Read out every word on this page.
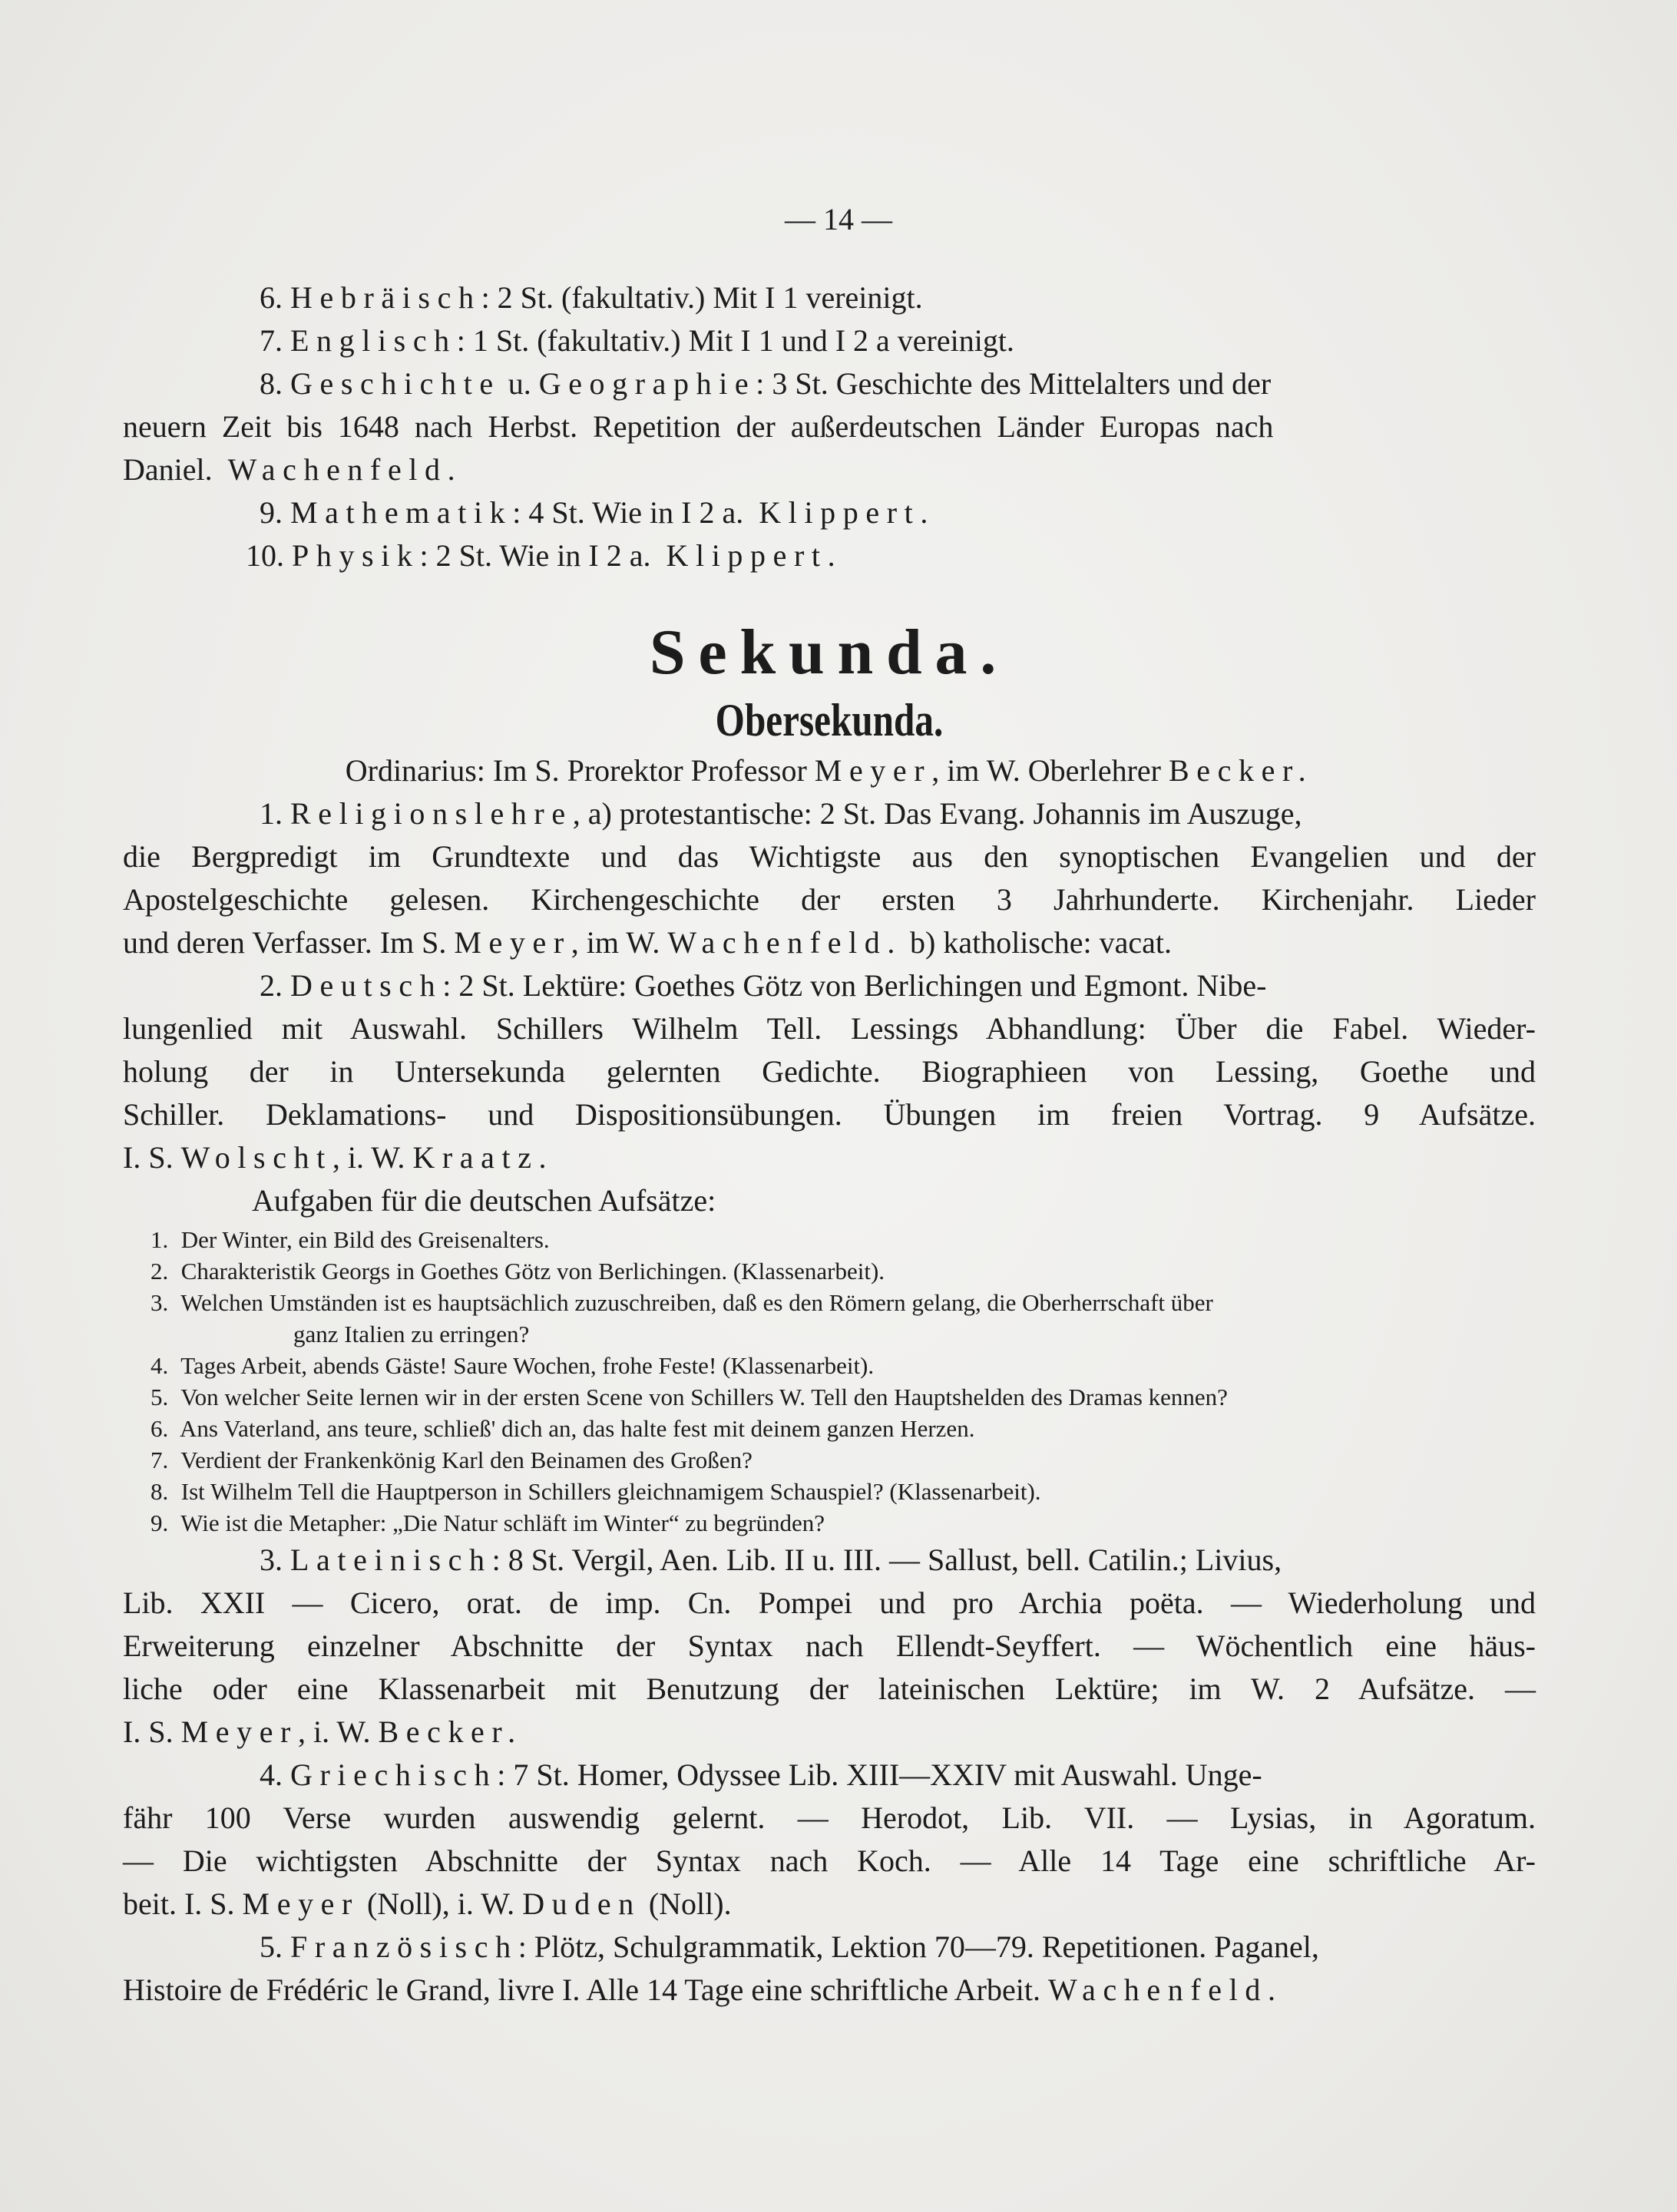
— 14 —
6. Hebräisch: 2 St. (fakultativ.) Mit I 1 vereinigt.
7. Englisch: 1 St. (fakultativ.) Mit I 1 und I 2 a vereinigt.
8. Geschichte u. Geographie: 3 St. Geschichte des Mittelalters und der
neuern  Zeit  bis  1648  nach  Herbst.  Repetition  der  außerdeutschen  Länder  Europas  nach
Daniel. Wachenfeld.
9. Mathematik: 4 St. Wie in I 2 a. Klippert.
10. Physik: 2 St. Wie in I 2 a. Klippert.
Sekunda.
Obersekunda.
Ordinarius: Im S. Prorektor Professor Meyer, im W. Oberlehrer Becker.
1. Religionslehre, a) protestantische: 2 St. Das Evang. Johannis im Auszuge,
die Bergpredigt im Grundtexte und das Wichtigste aus den synoptischen Evangelien und der
Apostelgeschichte gelesen. Kirchengeschichte der ersten 3 Jahrhunderte. Kirchenjahr. Lieder
und deren Verfasser. Im S. Meyer, im W. Wachenfeld. b) katholische: vacat.
2. Deutsch: 2 St. Lektüre: Goethes Götz von Berlichingen und Egmont. Nibe-
lungenlied mit Auswahl. Schillers Wilhelm Tell. Lessings Abhandlung: Über die Fabel. Wieder-
holung der in Untersekunda gelernten Gedichte. Biographieen von Lessing, Goethe und
Schiller. Deklamations- und Dispositionsübungen. Übungen im freien Vortrag. 9 Aufsätze.
I. S. Wolscht, i. W. Kraatz.
Aufgaben für die deutschen Aufsätze:
1. Der Winter, ein Bild des Greisenalters.
2. Charakteristik Georgs in Goethes Götz von Berlichingen. (Klassenarbeit).
3. Welchen Umständen ist es hauptsächlich zuzuschreiben, daß es den Römern gelang, die Oberherrschaft über
ganz Italien zu erringen?
4. Tages Arbeit, abends Gäste! Saure Wochen, frohe Feste! (Klassenarbeit).
5. Von welcher Seite lernen wir in der ersten Scene von Schillers W. Tell den Hauptshelden des Dramas kennen?
6. Ans Vaterland, ans teure, schließ' dich an, das halte fest mit deinem ganzen Herzen.
7. Verdient der Frankenkönig Karl den Beinamen des Großen?
8. Ist Wilhelm Tell die Hauptperson in Schillers gleichnamigem Schauspiel? (Klassenarbeit).
9. Wie ist die Metapher: „Die Natur schläft im Winter“ zu begründen?
3. Lateinisch: 8 St. Vergil, Aen. Lib. II u. III. — Sallust, bell. Catilin.; Livius,
Lib. XXII — Cicero, orat. de imp. Cn. Pompei und pro Archia poëta. — Wiederholung und
Erweiterung einzelner Abschnitte der Syntax nach Ellendt-Seyffert. — Wöchentlich eine häus-
liche oder eine Klassenarbeit mit Benutzung der lateinischen Lektüre; im W. 2 Aufsätze. —
I. S. Meyer, i. W. Becker.
4. Griechisch: 7 St. Homer, Odyssee Lib. XIII—XXIV mit Auswahl. Unge-
fähr 100 Verse wurden auswendig gelernt. — Herodot, Lib. VII. — Lysias, in Agoratum.
— Die wichtigsten Abschnitte der Syntax nach Koch. — Alle 14 Tage eine schriftliche Ar-
beit. I. S. Meyer (Noll), i. W. Duden (Noll).
5. Französisch: Plötz, Schulgrammatik, Lektion 70—79. Repetitionen. Paganel,
Histoire de Frédéric le Grand, livre I. Alle 14 Tage eine schriftliche Arbeit. Wachenfeld.
